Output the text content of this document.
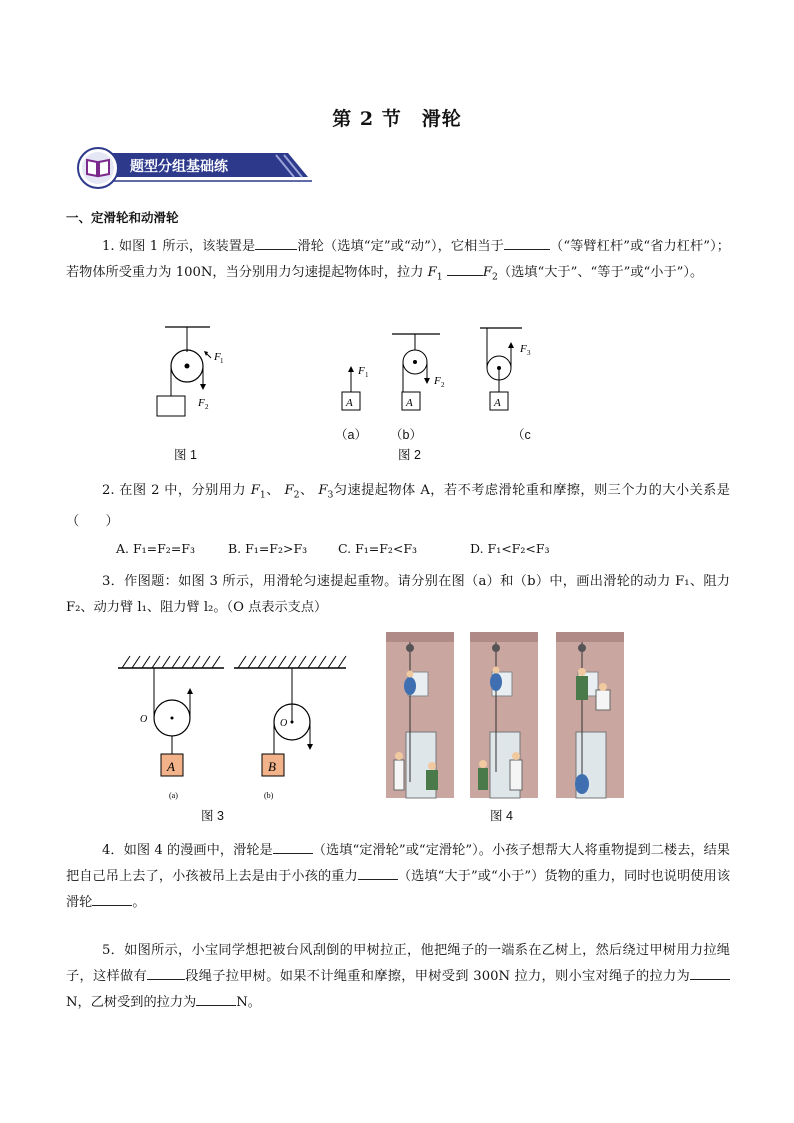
第 2 节　滑轮
题型分组基础练
一、定滑轮和动滑轮
1. 如图 1 所示，该装置是	滑轮（选填“定”或“动”），它相当于	（“等臂杠杆”或“省力杠杆”）；若物体所受重力为 100N，当分别用力匀速提起物体时，拉力 $F_1$	$F_2$（选填“大于”、“等于”或“小于”）。
F 1
F 2
图 1
A
F 1
A
F 2
A
F 3
（a） （b）	（c
图 2
2. 在图 2 中，分别用力 $F_1$、 $F_2$、 $F_3$匀速提起物体 A，若不考虑滑轮重和摩擦，则三个力的大小关系是（　　）
A. F₁=F₂=F₃	B. F₁=F₂>F₃ C. F₁=F₂<F₃	D. F₁<F₂<F₃
3．作图题：如图 3 所示，用滑轮匀速提起重物。请分别在图（a）和（b）中，画出滑轮的动力 F₁、阻力 F₂、动力臂 l₁、阻力臂 l₂。（O 点表示支点）
O
A
O
B
(a)	(b)
图 3	图 4
4．如图 4 的漫画中，滑轮是	（选填“定滑轮”或“定滑轮”）。小孩子想帮大人将重物提到二楼去，结果把自己吊上去了，小孩被吊上去是由于小孩的重力	（选填“大于”或“小于”）货物的重力，同时也说明使用该滑轮	。
5．如图所示，小宝同学想把被台风刮倒的甲树拉正，他把绳子的一端系在乙树上，然后绕过甲树用力拉绳子，这样做有	段绳子拉甲树。如果不计绳重和摩擦，甲树受到 300N 拉力，则小宝对绳子的拉力为N，乙树受到的拉力为	N。
